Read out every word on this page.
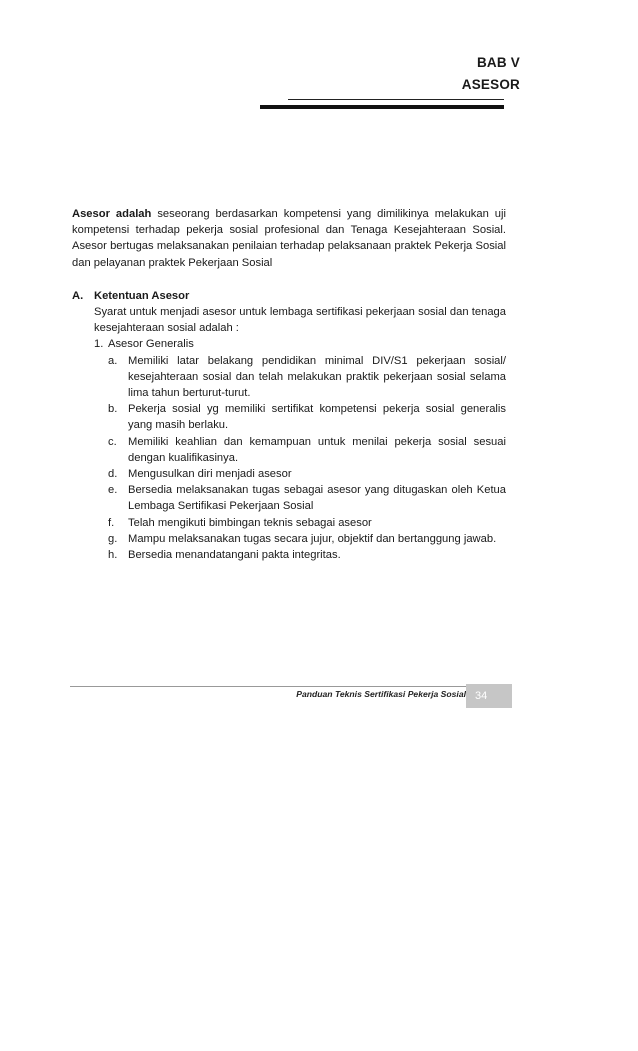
BAB V
ASESOR

Asesor adalah seseorang berdasarkan kompetensi yang dimilikinya melakukan uji kompetensi terhadap pekerja sosial profesional dan Tenaga Kesejahteraan Sosial. Asesor bertugas melaksanakan penilaian terhadap pelaksanaan praktek Pekerja Sosial dan pelayanan praktek Pekerjaan Sosial

A. Ketentuan Asesor
Syarat untuk menjadi asesor untuk lembaga sertifikasi pekerjaan sosial dan tenaga kesejahteraan sosial adalah :
1. Asesor Generalis
a. Memiliki latar belakang pendidikan minimal DIV/S1 pekerjaan sosial/ kesejahteraan sosial dan telah melakukan praktik pekerjaan sosial selama lima tahun berturut-turut.
b. Pekerja sosial yg memiliki sertifikat kompetensi pekerja sosial generalis yang masih berlaku.
c.	Memiliki keahlian dan kemampuan untuk menilai pekerja sosial sesuai dengan kualifikasinya.
d. Mengusulkan diri menjadi asesor
e. Bersedia melaksanakan tugas sebagai asesor yang ditugaskan oleh Ketua Lembaga Sertifikasi Pekerjaan Sosial
f.	Telah mengikuti bimbingan teknis sebagai asesor
g. Mampu melaksanakan tugas secara jujur, objektif dan bertanggung jawab.
h. Bersedia menandatangani pakta integritas.
Panduan Teknis Sertifikasi Pekerja Sosial 34
